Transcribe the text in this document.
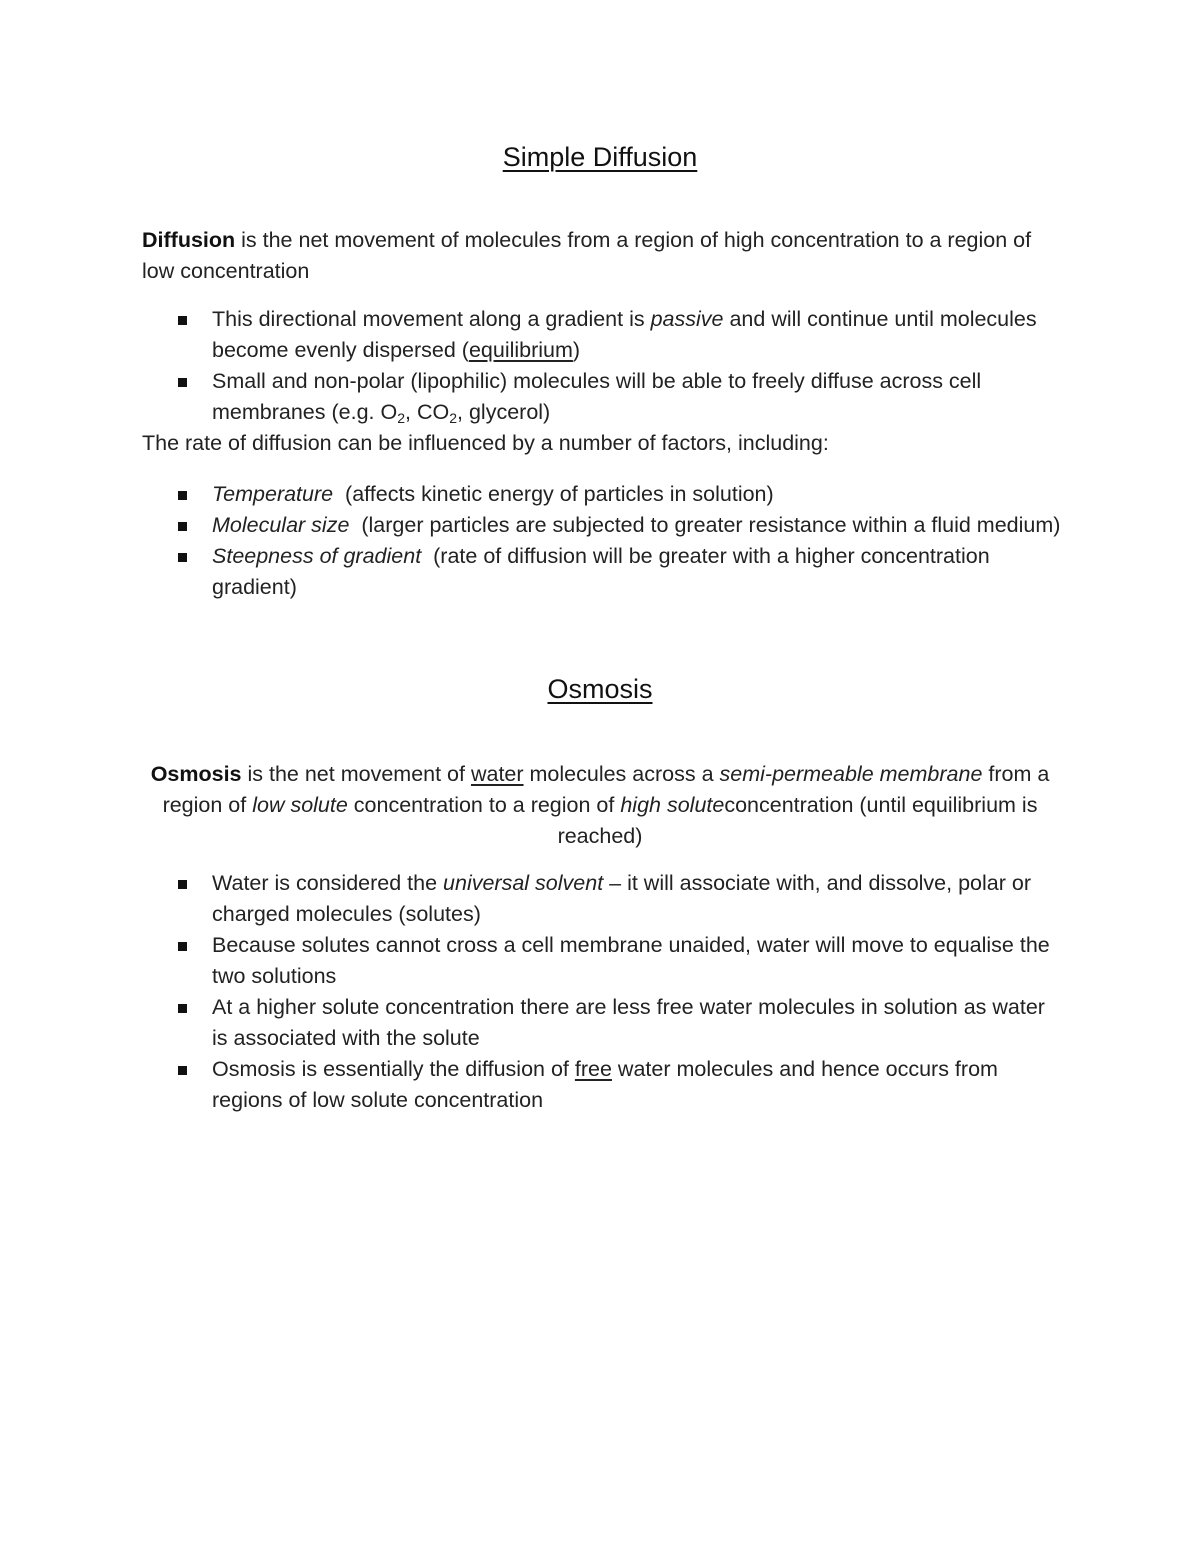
Simple Diffusion

Diffusion is the net movement of molecules from a region of high concentration to a region of low concentration

This directional movement along a gradient is passive and will continue until molecules become evenly dispersed (equilibrium)
Small and non-polar (lipophilic) molecules will be able to freely diffuse across cell membranes (e.g. $O_2$, $CO_2$, glycerol)

The rate of diffusion can be influenced by a number of factors, including:

Temperature  (affects kinetic energy of particles in solution)
Molecular size  (larger particles are subjected to greater resistance within a fluid medium)
Steepness of gradient  (rate of diffusion will be greater with a higher concentration gradient)
Osmosis

Osmosis is the net movement of water molecules across a semi-permeable membrane from a region of low solute concentration to a region of high soluteconcentration (until equilibrium is reached)

Water is considered the universal solvent – it will associate with, and dissolve, polar or charged molecules (solutes)
Because solutes cannot cross a cell membrane unaided, water will move to equalise the two solutions
At a higher solute concentration there are less free water molecules in solution as water is associated with the solute
Osmosis is essentially the diffusion of free water molecules and hence occurs from regions of low solute concentration
